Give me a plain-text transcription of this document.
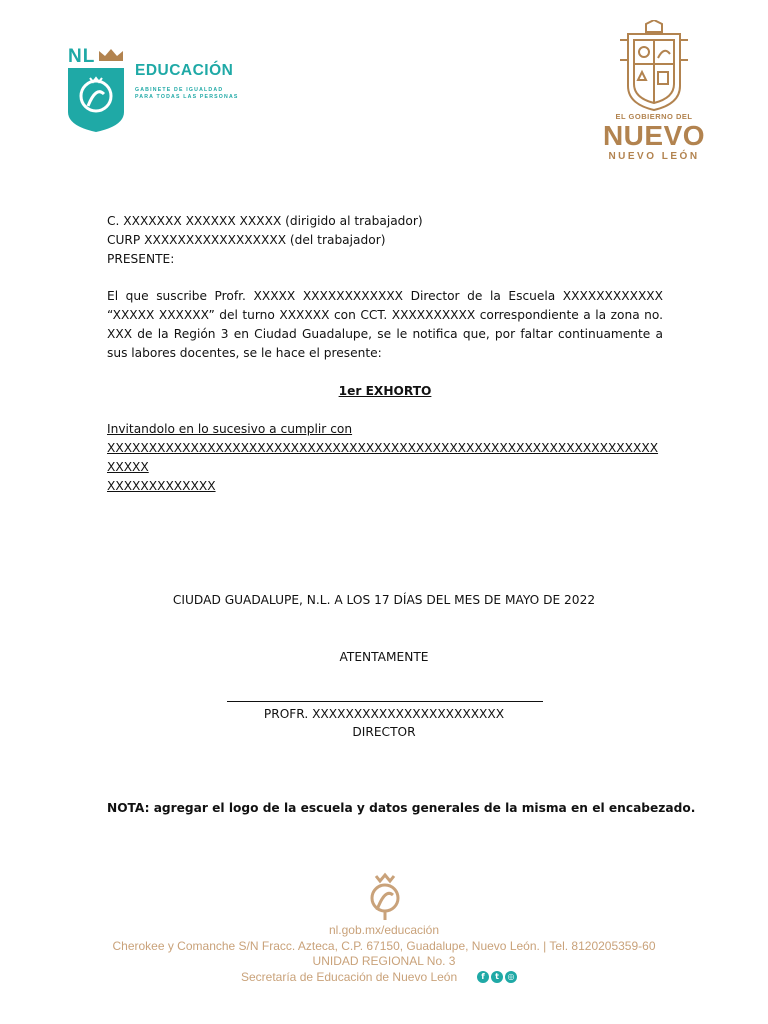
NL
EDUCACIÓN
GABINETE DE IGUALDAD
PARA TODAS LAS PERSONAS
EL GOBIERNO DEL
NUEVO
NUEVO LEÓN
C. XXXXXXX XXXXXX XXXXX (dirigido al trabajador)
CURP XXXXXXXXXXXXXXXXX (del trabajador)
PRESENTE:
El que suscribe Profr. XXXXX XXXXXXXXXXXX Director de la Escuela XXXXXXXXXXXX “XXXXX XXXXXX” del turno XXXXXX con CCT. XXXXXXXXXX correspondiente a la zona no. XXX de la Región 3 en Ciudad Guadalupe, se le notifica que, por faltar continuamente a sus labores docentes, se le hace el presente:
1er EXHORTO
Invitandolo en lo sucesivo a cumplir con
XXXXXXXXXXXXXXXXXXXXXXXXXXXXXXXXXXXXXXXXXXXXXXXXXXXXXXXXXXXXXXXXXXXXXXX
XXXXXXXXXXXXX
CIUDAD GUADALUPE, N.L. A LOS 17 DÍAS DEL MES DE MAYO DE 2022
ATENTAMENTE
PROFR. XXXXXXXXXXXXXXXXXXXXXXX
DIRECTOR
NOTA: agregar el logo de la escuela y datos generales de la misma en el encabezado.
nl.gob.mx/educación
Cherokee y Comanche S/N Fracc. Azteca, C.P. 67150, Guadalupe, Nuevo León. | Tel. 8120205359-60
UNIDAD REGIONAL No. 3
Secretaría de Educación de Nuevo León	f t ◎
